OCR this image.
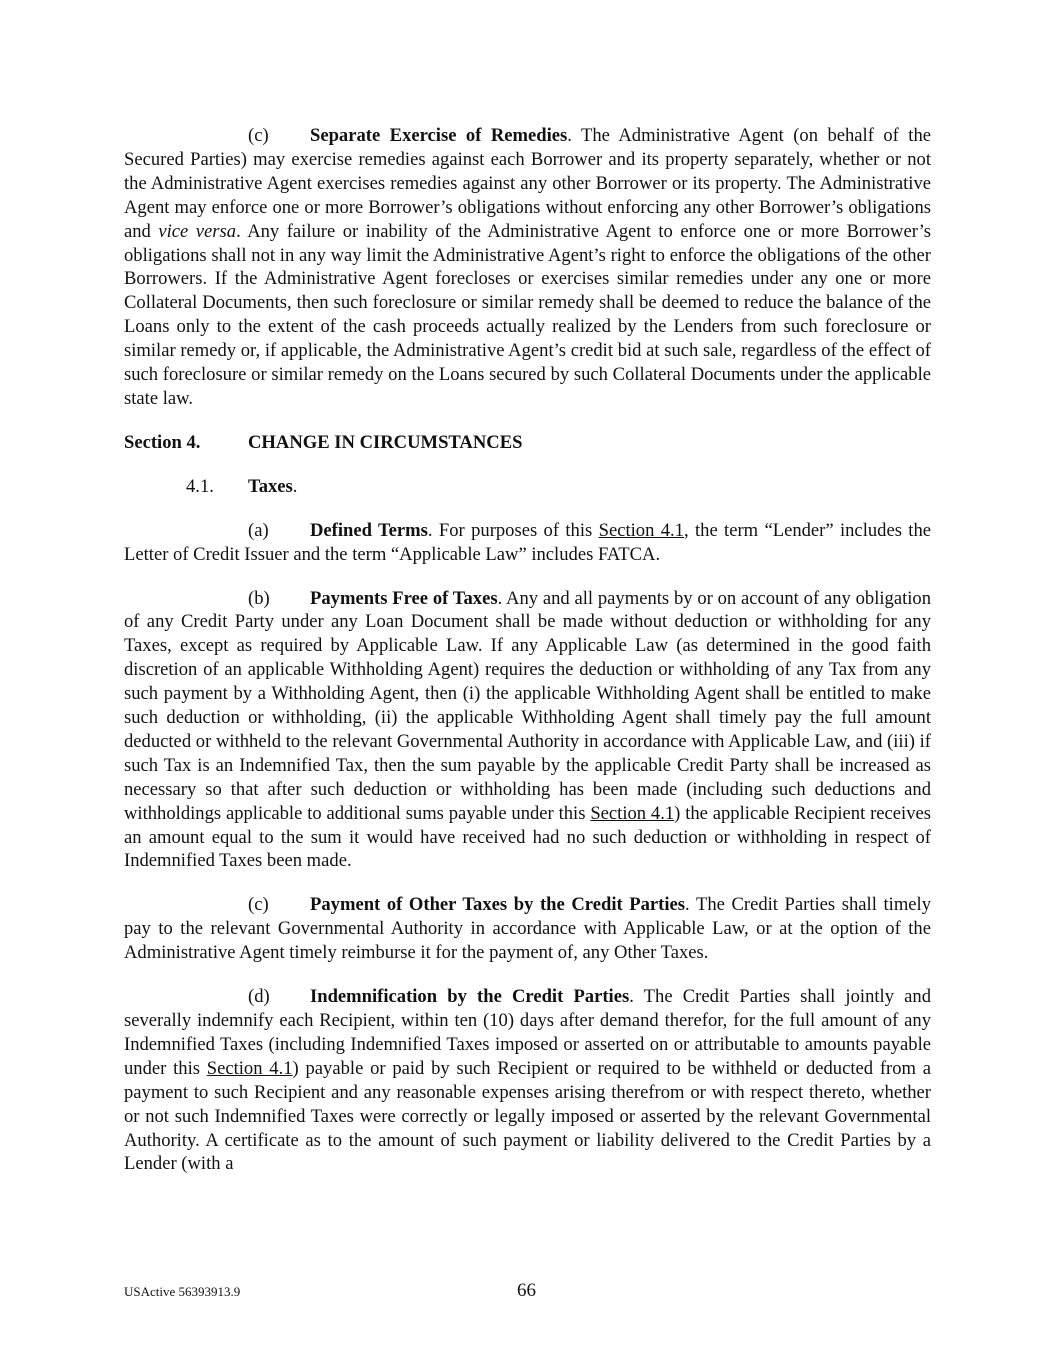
(c) Separate Exercise of Remedies. The Administrative Agent (on behalf of the Secured Parties) may exercise remedies against each Borrower and its property separately, whether or not the Administrative Agent exercises remedies against any other Borrower or its property. The Administrative Agent may enforce one or more Borrower’s obligations without enforcing any other Borrower’s obligations and vice versa. Any failure or inability of the Administrative Agent to enforce one or more Borrower’s obligations shall not in any way limit the Administrative Agent’s right to enforce the obligations of the other Borrowers. If the Administrative Agent forecloses or exercises similar remedies under any one or more Collateral Documents, then such foreclosure or similar remedy shall be deemed to reduce the balance of the Loans only to the extent of the cash proceeds actually realized by the Lenders from such foreclosure or similar remedy or, if applicable, the Administrative Agent’s credit bid at such sale, regardless of the effect of such foreclosure or similar remedy on the Loans secured by such Collateral Documents under the applicable state law.

Section 4.	CHANGE IN CIRCUMSTANCES
4.1. Taxes.

(a) Defined Terms. For purposes of this Section 4.1, the term “Lender” includes the Letter of Credit Issuer and the term “Applicable Law” includes FATCA.

(b) Payments Free of Taxes. Any and all payments by or on account of any obligation of any Credit Party under any Loan Document shall be made without deduction or withholding for any Taxes, except as required by Applicable Law. If any Applicable Law (as determined in the good faith discretion of an applicable Withholding Agent) requires the deduction or withholding of any Tax from any such payment by a Withholding Agent, then (i) the applicable Withholding Agent shall be entitled to make such deduction or withholding, (ii) the applicable Withholding Agent shall timely pay the full amount deducted or withheld to the relevant Governmental Authority in accordance with Applicable Law, and (iii) if such Tax is an Indemnified Tax, then the sum payable by the applicable Credit Party shall be increased as necessary so that after such deduction or withholding has been made (including such deductions and withholdings applicable to additional sums payable under this Section 4.1) the applicable Recipient receives an amount equal to the sum it would have received had no such deduction or withholding in respect of Indemnified Taxes been made.

(c) Payment of Other Taxes by the Credit Parties. The Credit Parties shall timely pay to the relevant Governmental Authority in accordance with Applicable Law, or at the option of the Administrative Agent timely reimburse it for the payment of, any Other Taxes.

(d) Indemnification by the Credit Parties. The Credit Parties shall jointly and severally indemnify each Recipient, within ten (10) days after demand therefor, for the full amount of any Indemnified Taxes (including Indemnified Taxes imposed or asserted on or attributable to amounts payable under this Section 4.1) payable or paid by such Recipient or required to be withheld or deducted from a payment to such Recipient and any reasonable expenses arising therefrom or with respect thereto, whether or not such Indemnified Taxes were correctly or legally imposed or asserted by the relevant Governmental Authority. A certificate as to the amount of such payment or liability delivered to the Credit Parties by a Lender (with a

USActive 56393913.9	66
